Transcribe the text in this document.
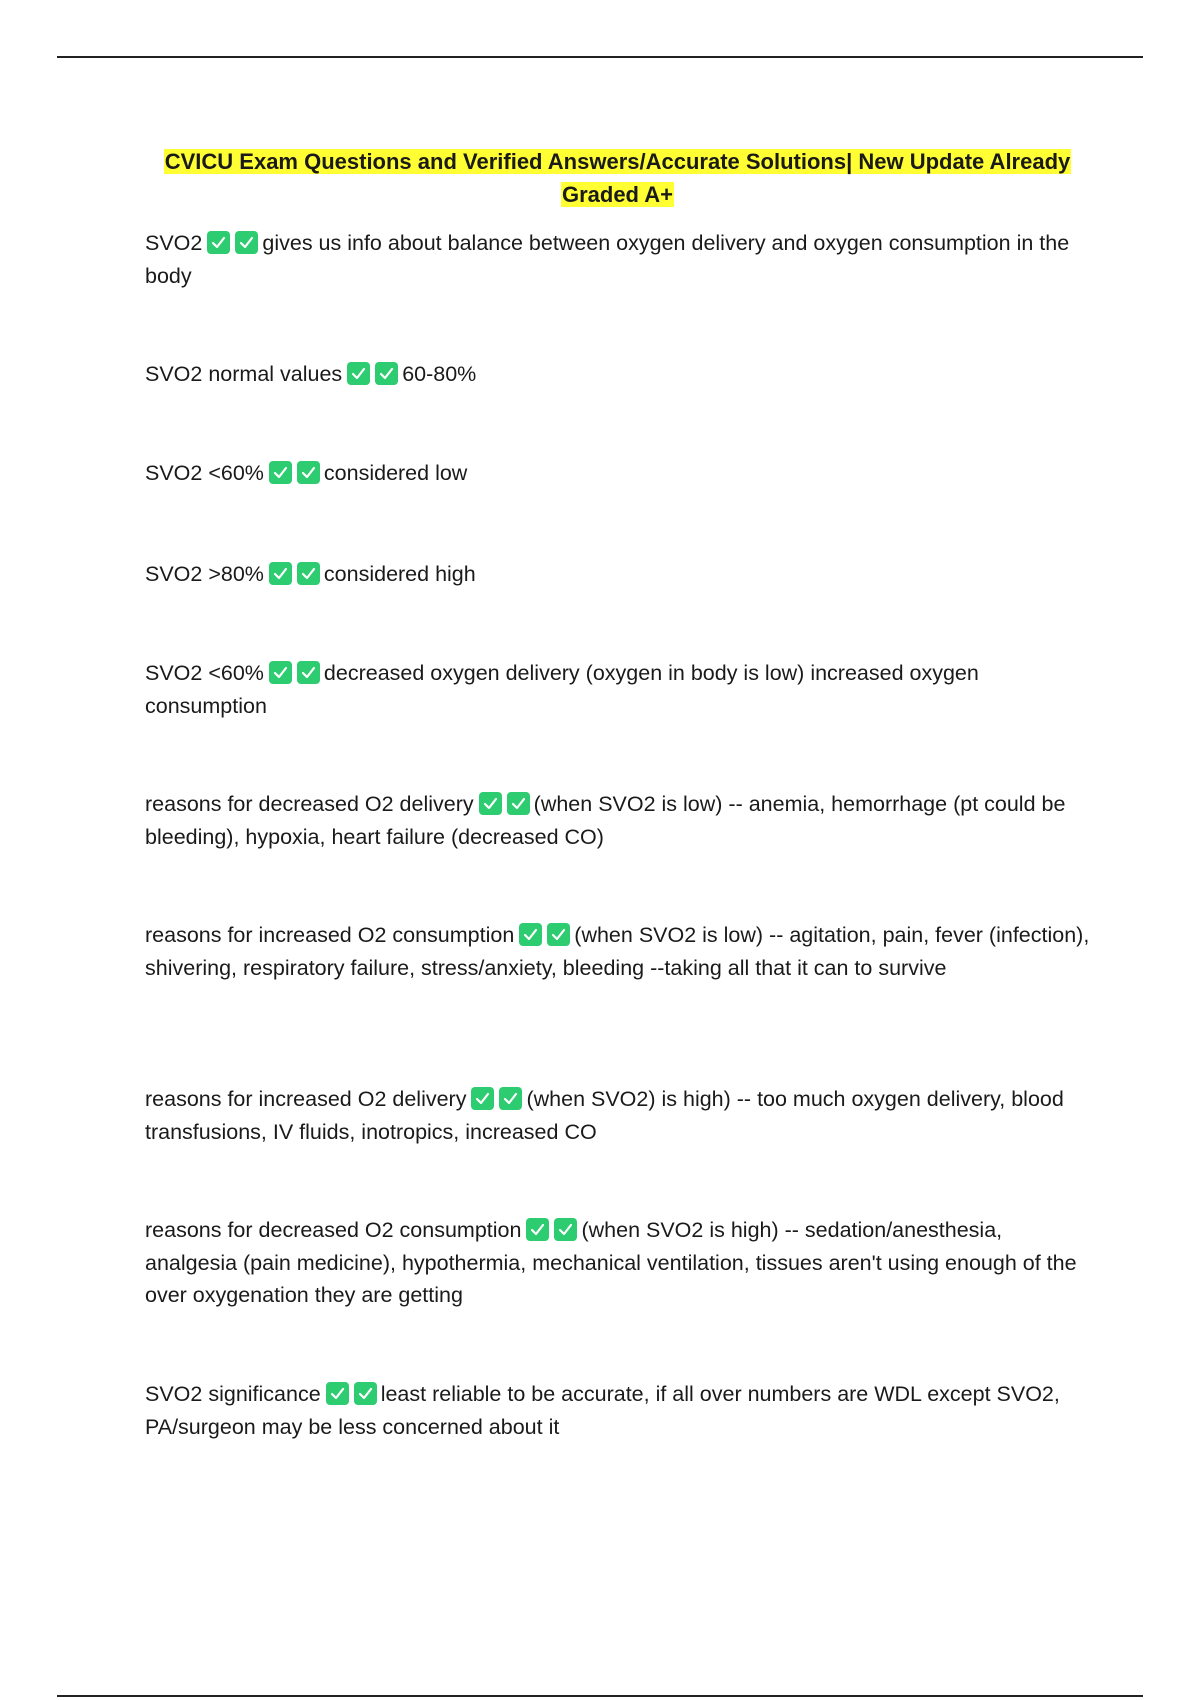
CVICU Exam Questions and Verified Answers/Accurate Solutions| New Update Already Graded A+

SVO2	gives us info about balance between oxygen delivery and oxygen consumption in the body

SVO2 normal values	60-80%

SVO2 <60%	considered low

SVO2 >80%	considered high

SVO2 <60%	decreased oxygen delivery (oxygen in body is low) increased oxygen consumption

reasons for decreased O2 delivery	(when SVO2 is low) -- anemia, hemorrhage (pt could be bleeding), hypoxia, heart failure (decreased CO)

reasons for increased O2 consumption	(when SVO2 is low) -- agitation, pain, fever (infection), shivering, respiratory failure, stress/anxiety, bleeding --taking all that it can to survive

reasons for increased O2 delivery	(when SVO2) is high) -- too much oxygen delivery, blood transfusions, IV fluids, inotropics, increased CO

reasons for decreased O2 consumption	(when SVO2 is high) -- sedation/anesthesia, analgesia (pain medicine), hypothermia, mechanical ventilation, tissues aren't using enough of the over oxygenation they are getting

SVO2 significance	least reliable to be accurate, if all over numbers are WDL except SVO2, PA/surgeon may be less concerned about it
